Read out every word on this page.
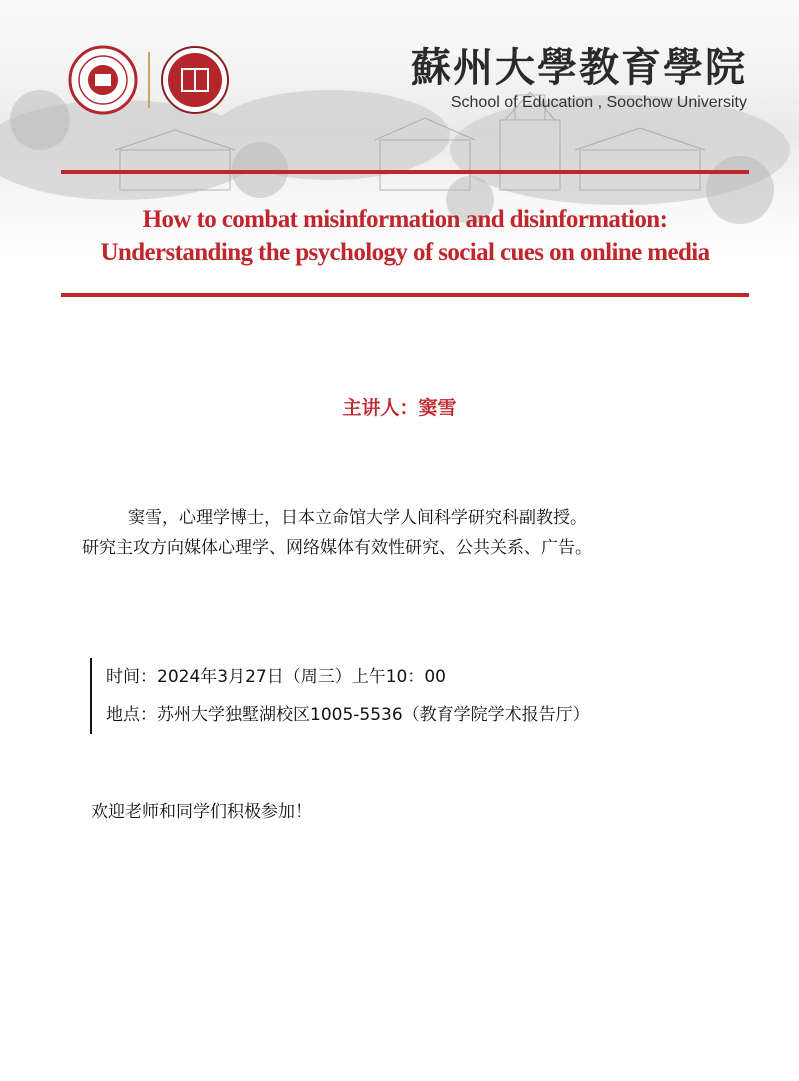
蘇州大學教育學院
School of Education , Soochow University
How to combat misinformation and disinformation:
Understanding the psychology of social cues on online media
主讲人：窦雪

窦雪，心理学博士，日本立命馆大学人间科学研究科副教授。

研究主攻方向媒体心理学、网络媒体有效性研究、公共关系、广告。

时间：2024年3月27日（周三）上午10：00

地点：苏州大学独墅湖校区1005-5536（教育学院学术报告厅）

欢迎老师和同学们积极参加！
